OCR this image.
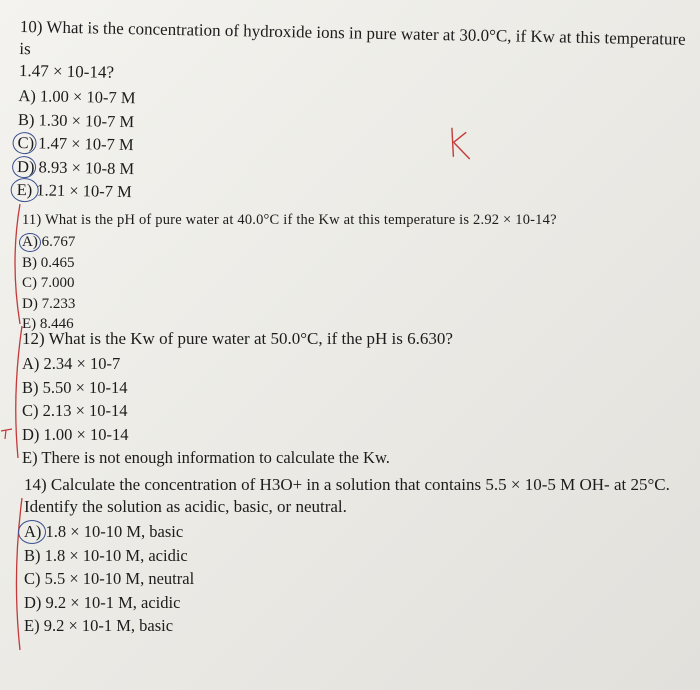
10) What is the concentration of hydroxide ions in pure water at 30.0°C, if Kw at this temperature is
1.47 × 10-14?
A) 1.00 × 10-7 M
B) 1.30 × 10-7 M
C) 1.47 × 10-7 M
D) 8.93 × 10-8 M
E) 1.21 × 10-7 M
11) What is the pH of pure water at 40.0°C if the Kw at this temperature is 2.92 × 10-14?
A) 6.767
B) 0.465
C) 7.000
D) 7.233
E) 8.446
12) What is the Kw of pure water at 50.0°C, if the pH is 6.630?
A) 2.34 × 10-7
B) 5.50 × 10-14
C) 2.13 × 10-14
D) 1.00 × 10-14
E) There is not enough information to calculate the Kw.
14) Calculate the concentration of H3O+ in a solution that contains 5.5 × 10-5 M OH- at 25°C.
Identify the solution as acidic, basic, or neutral.
A) 1.8 × 10-10 M, basic
B) 1.8 × 10-10 M, acidic
C) 5.5 × 10-10 M, neutral
D) 9.2 × 10-1 M, acidic
E) 9.2 × 10-1 M, basic
